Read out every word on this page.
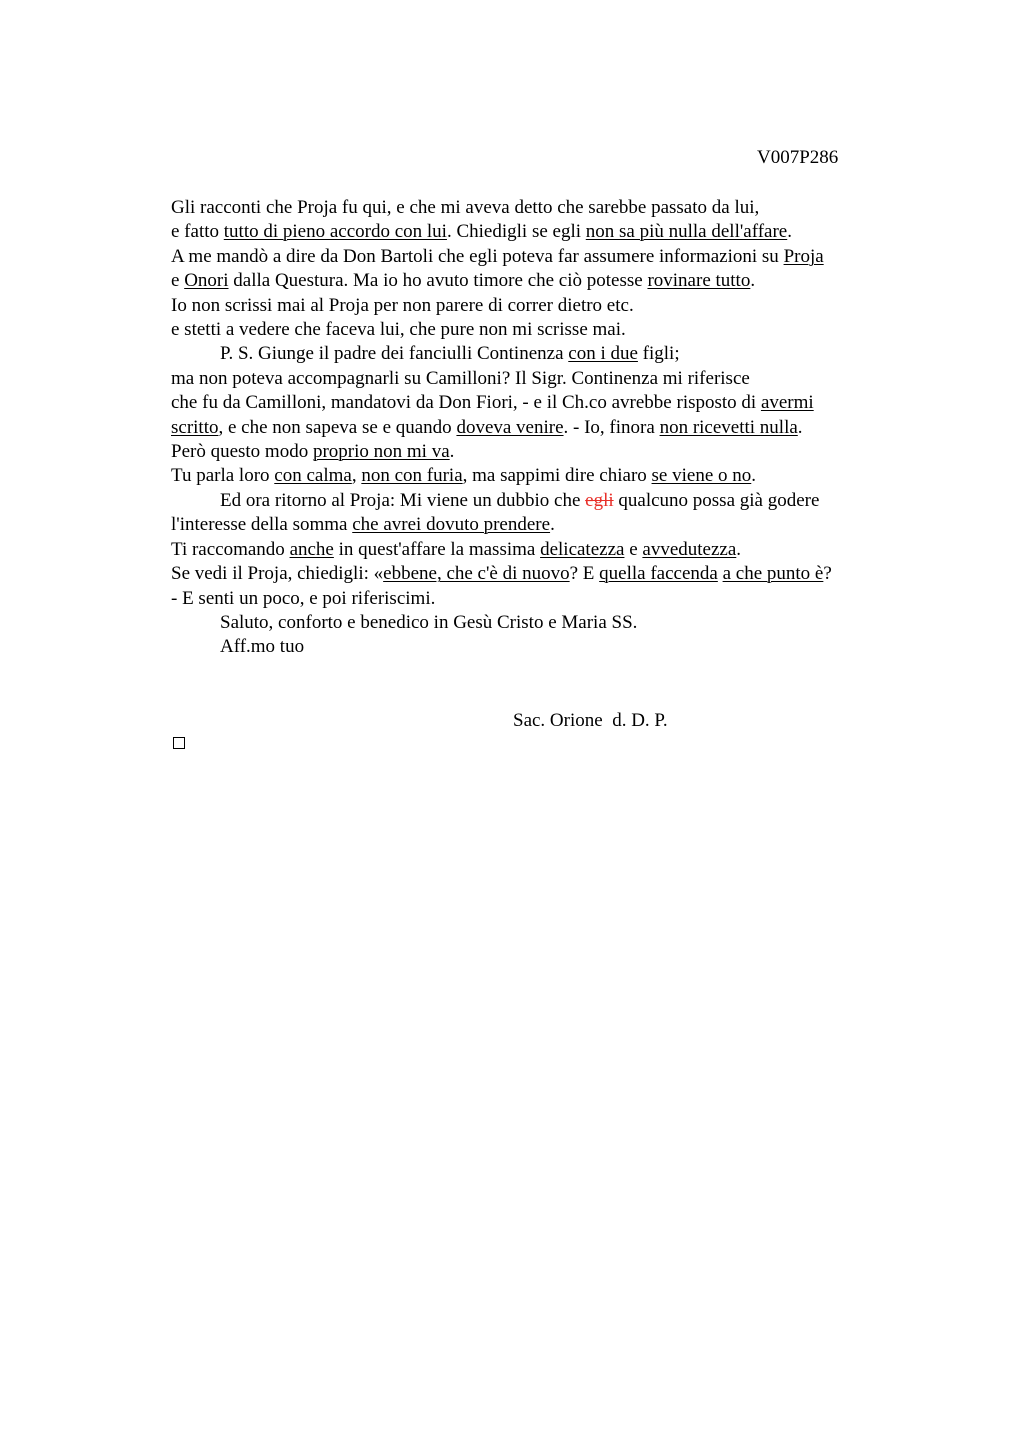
V007P286
Gli racconti che Proja fu qui, e che mi aveva detto che sarebbe passato da lui,
e fatto tutto di pieno accordo con lui. Chiedigli se egli non sa più nulla dell'affare.
A me mandò a dire da Don Bartoli che egli poteva far assumere informazioni su Proja
e Onori dalla Questura. Ma io ho avuto timore che ciò potesse rovinare tutto.
Io non scrissi mai al Proja per non parere di correr dietro etc.
e stetti a vedere che faceva lui, che pure non mi scrisse mai.
P. S. Giunge il padre dei fanciulli Continenza con i due figli;
ma non poteva accompagnarli su Camilloni? Il Sigr. Continenza mi riferisce
che fu da Camilloni, mandatovi da Don Fiori, - e il Ch.co avrebbe risposto di avermi
scritto, e che non sapeva se e quando doveva venire. - Io, finora non ricevetti nulla.
Però questo modo proprio non mi va.
Tu parla loro con calma, non con furia, ma sappimi dire chiaro se viene o no.
Ed ora ritorno al Proja: Mi viene un dubbio che egli qualcuno possa già godere
l'interesse della somma che avrei dovuto prendere.
Ti raccomando anche in quest'affare la massima delicatezza e avvedutezza.
Se vedi il Proja, chiedigli: «ebbene, che c'è di nuovo? E quella faccenda a che punto è?
- E senti un poco, e poi riferiscimi.
Saluto, conforto e benedico in Gesù Cristo e Maria SS.
Aff.mo tuo
Sac. Orione  d. D. P.
